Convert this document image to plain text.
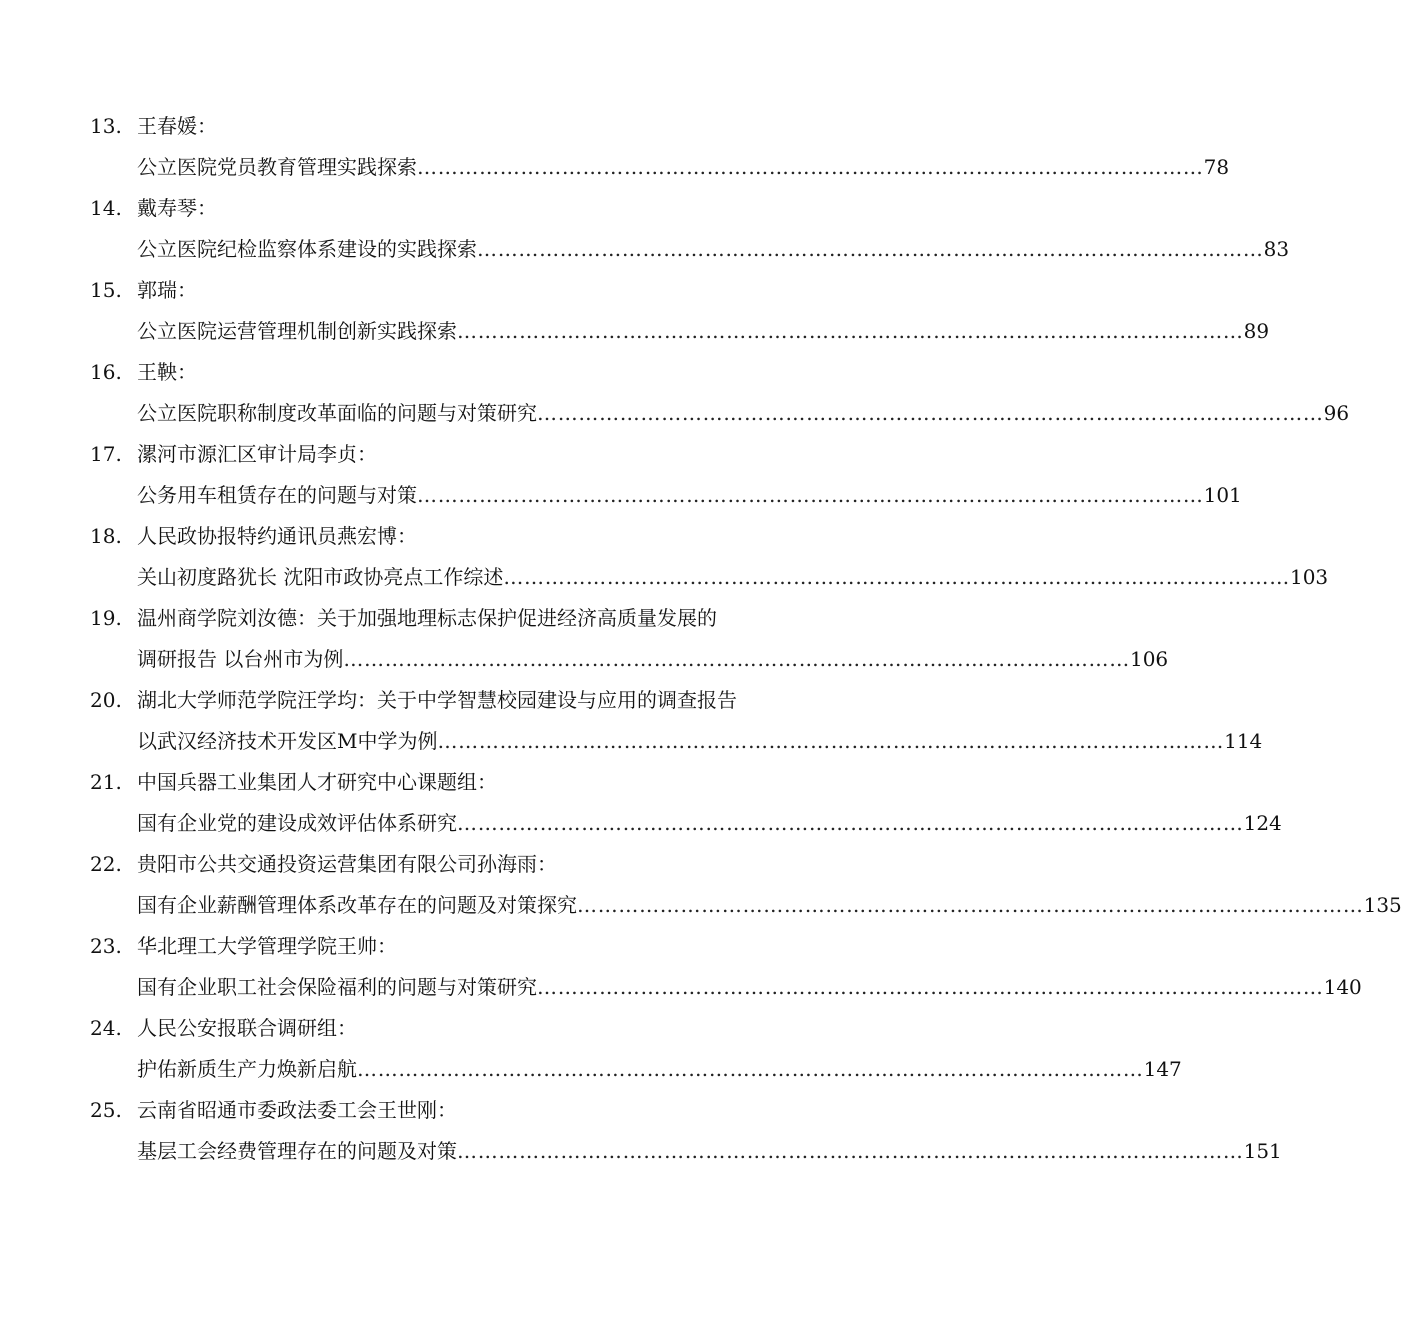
13. 王春媛：
公立医院党员教育管理实践探索 …………………………………………………………………………………………………… 78
14. 戴寿琴：
公立医院纪检监察体系建设的实践探索 …………………………………………………………………………………………………… 83
15. 郭瑞：
公立医院运营管理机制创新实践探索 …………………………………………………………………………………………………… 89
16. 王鞅：
公立医院职称制度改革面临的问题与对策研究 …………………………………………………………………………………………………… 96
17. 漯河市源汇区审计局李贞：
公务用车租赁存在的问题与对策 …………………………………………………………………………………………………… 101
18. 人民政协报特约通讯员燕宏博：
关山初度路犹长 沈阳市政协亮点工作综述 …………………………………………………………………………………………………… 103
19. 温州商学院刘汝德：关于加强地理标志保护促进经济高质量发展的
调研报告 以台州市为例 …………………………………………………………………………………………………… 106
20. 湖北大学师范学院汪学均：关于中学智慧校园建设与应用的调查报告
以武汉经济技术开发区M中学为例 …………………………………………………………………………………………………… 114
21. 中国兵器工业集团人才研究中心课题组：
国有企业党的建设成效评估体系研究 …………………………………………………………………………………………………… 124
22. 贵阳市公共交通投资运营集团有限公司孙海雨：
国有企业薪酬管理体系改革存在的问题及对策探究 …………………………………………………………………………………………………… 135
23. 华北理工大学管理学院王帅：
国有企业职工社会保险福利的问题与对策研究 …………………………………………………………………………………………………… 140
24. 人民公安报联合调研组：
护佑新质生产力焕新启航 …………………………………………………………………………………………………… 147
25. 云南省昭通市委政法委工会王世刚：
基层工会经费管理存在的问题及对策 …………………………………………………………………………………………………… 151
